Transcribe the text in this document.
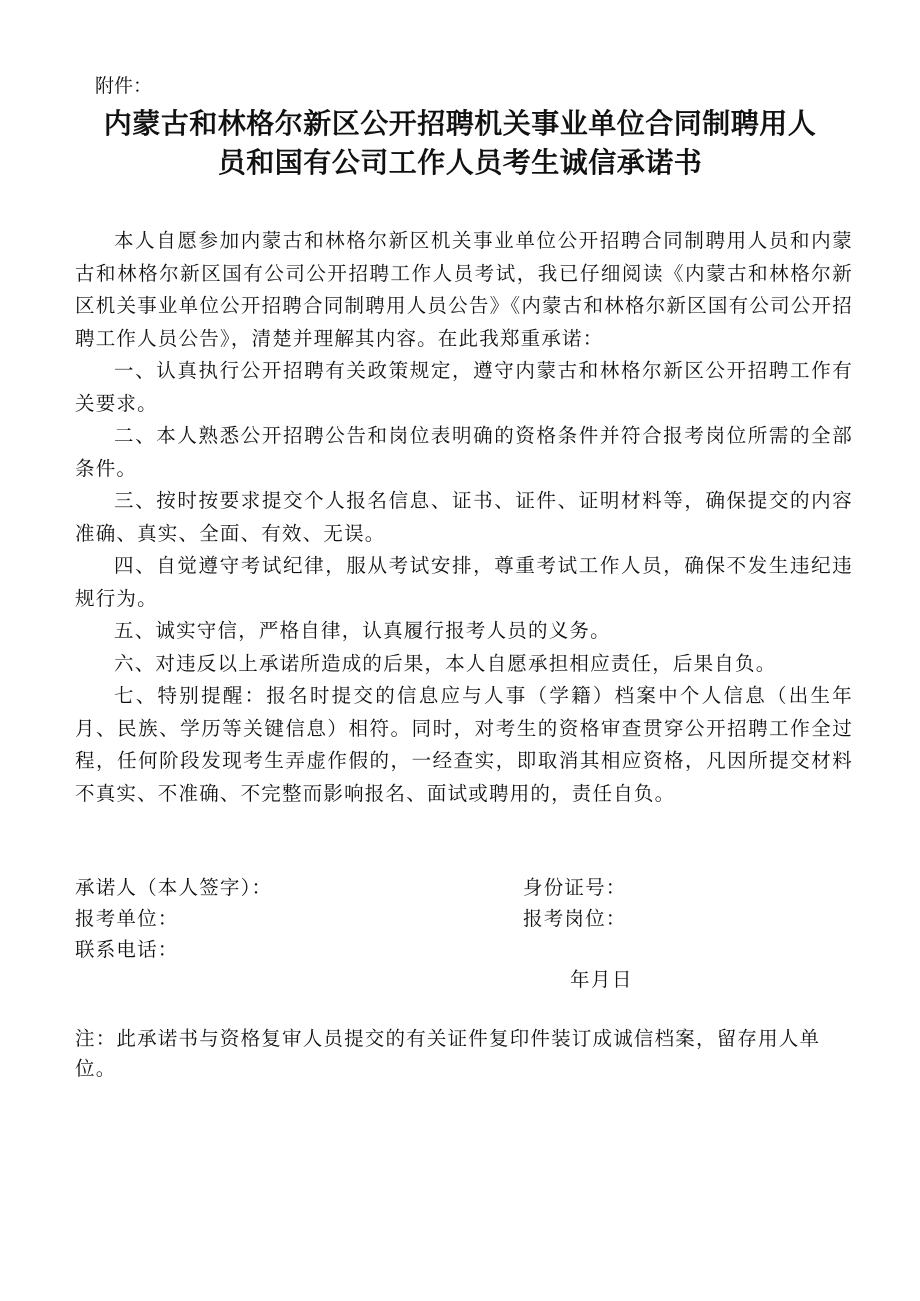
附件：
内蒙古和林格尔新区公开招聘机关事业单位合同制聘用人
员和国有公司工作人员考生诚信承诺书

本人自愿参加内蒙古和林格尔新区机关事业单位公开招聘合同制聘用人员和内蒙古和林格尔新区国有公司公开招聘工作人员考试，我已仔细阅读《内蒙古和林格尔新区机关事业单位公开招聘合同制聘用人员公告》《内蒙古和林格尔新区国有公司公开招聘工作人员公告》，清楚并理解其内容。在此我郑重承诺：

一、认真执行公开招聘有关政策规定，遵守内蒙古和林格尔新区公开招聘工作有关要求。

二、本人熟悉公开招聘公告和岗位表明确的资格条件并符合报考岗位所需的全部条件。

三、按时按要求提交个人报名信息、证书、证件、证明材料等，确保提交的内容准确、真实、全面、有效、无误。

四、自觉遵守考试纪律，服从考试安排，尊重考试工作人员，确保不发生违纪违规行为。

五、诚实守信，严格自律，认真履行报考人员的义务。

六、对违反以上承诺所造成的后果，本人自愿承担相应责任，后果自负。

七、特别提醒：报名时提交的信息应与人事（学籍）档案中个人信息（出生年月、民族、学历等关键信息）相符。同时，对考生的资格审查贯穿公开招聘工作全过程，任何阶段发现考生弄虚作假的，一经查实，即取消其相应资格，凡因所提交材料不真实、不准确、不完整而影响报名、面试或聘用的，责任自负。

承诺人（本人签字）：	身份证号：
报考单位：	报考岗位：
联系电话：
年月日
注：此承诺书与资格复审人员提交的有关证件复印件装订成诚信档案，留存用人单位。
